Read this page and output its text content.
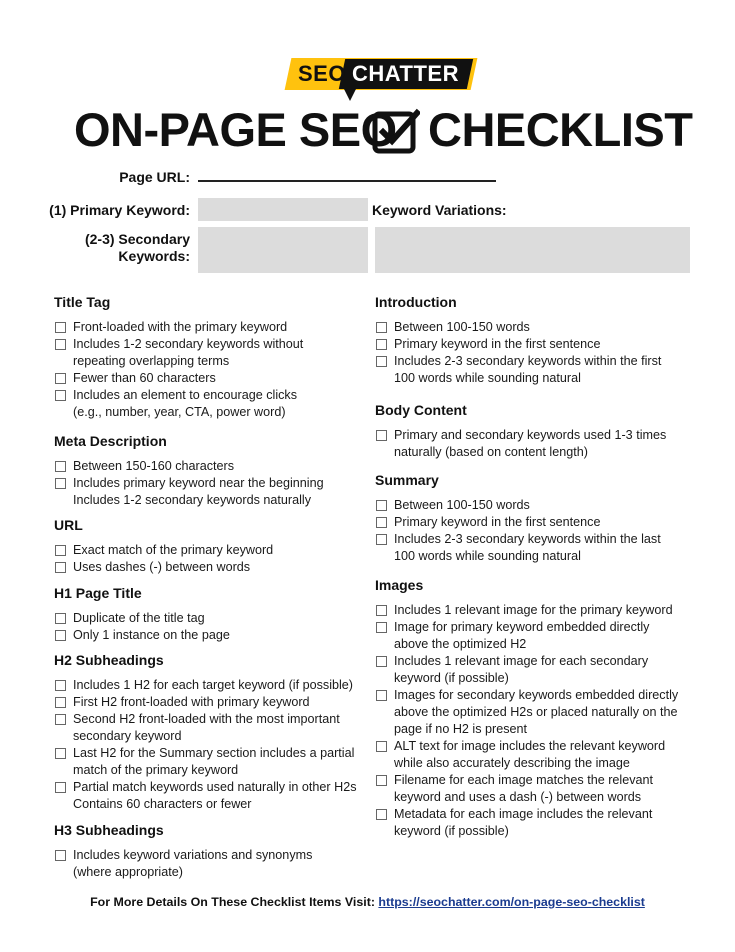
SEO CHATTER
ON-PAGE SEO CHECKLIST
Page URL:
(1) Primary Keyword:	Keyword Variations:
(2-3) Secondary
Keywords:
Title Tag
Front-loaded with the primary keyword
Includes 1-2 secondary keywords without
repeating overlapping terms
Fewer than 60 characters
Includes an element to encourage clicks
(e.g., number, year, CTA, power word)
Meta Description
Between 150-160 characters
Includes primary keyword near the beginning
Includes 1-2 secondary keywords naturally
URL
Exact match of the primary keyword
Uses dashes (-) between words
H1 Page Title
Duplicate of the title tag
Only 1 instance on the page
H2 Subheadings
Includes 1 H2 for each target keyword (if possible)
First H2 front-loaded with primary keyword
Second H2 front-loaded with the most important
secondary keyword
Last H2 for the Summary section includes a partial
match of the primary keyword
Partial match keywords used naturally in other H2s
Contains 60 characters or fewer
H3 Subheadings
Includes keyword variations and synonyms
(where appropriate)
Introduction
Between 100-150 words
Primary keyword in the first sentence
Includes 2-3 secondary keywords within the first
100 words while sounding natural
Body Content
Primary and secondary keywords used 1-3 times
naturally (based on content length)
Summary
Between 100-150 words
Primary keyword in the first sentence
Includes 2-3 secondary keywords within the last
100 words while sounding natural
Images
Includes 1 relevant image for the primary keyword
Image for primary keyword embedded directly
above the optimized H2
Includes 1 relevant image for each secondary
keyword (if possible)
Images for secondary keywords embedded directly
above the optimized H2s or placed naturally on the
page if no H2 is present
ALT text for image includes the relevant keyword
while also accurately describing the image
Filename for each image matches the relevant
keyword and uses a dash (-) between words
Metadata for each image includes the relevant
keyword (if possible)
For More Details On These Checklist Items Visit: https://seochatter.com/on-page-seo-checklist
